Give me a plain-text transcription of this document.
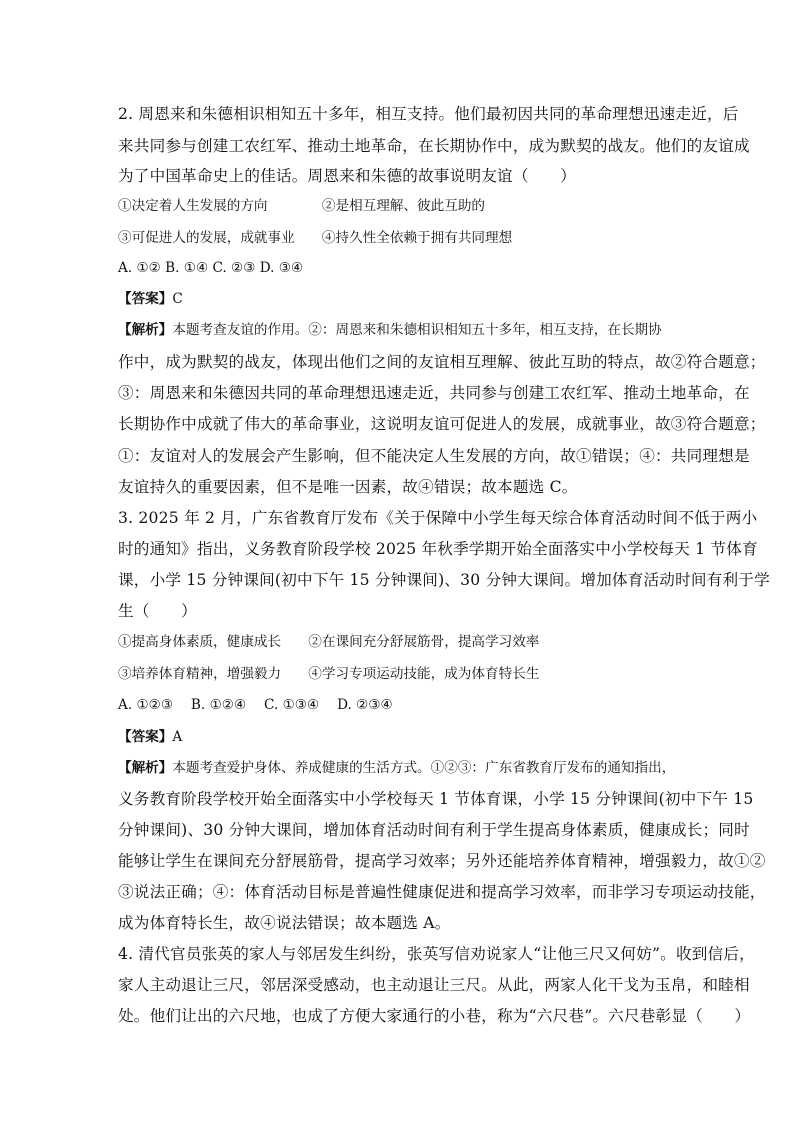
2. 周恩来和朱德相识相知五十多年，相互支持。他们最初因共同的革命理想迅速走近，后
来共同参与创建工农红军、推动土地革命，在长期协作中，成为默契的战友。他们的友谊成
为了中国革命史上的佳话。周恩来和朱德的故事说明友谊（　　）
①决定着人生发展的方向　　　　②是相互理解、彼此互助的
③可促进人的发展，成就事业　　④持久性全依赖于拥有共同理想
A. ①② B. ①④ C. ②③ D. ③④
【答案】C
【解析】本题考查友谊的作用。②：周恩来和朱德相识相知五十多年，相互支持，在长期协
作中，成为默契的战友，体现出他们之间的友谊相互理解、彼此互助的特点，故②符合题意；
③：周恩来和朱德因共同的革命理想迅速走近，共同参与创建工农红军、推动土地革命，在
长期协作中成就了伟大的革命事业，这说明友谊可促进人的发展，成就事业，故③符合题意；
①：友谊对人的发展会产生影响，但不能决定人生发展的方向，故①错误；④：共同理想是
友谊持久的重要因素，但不是唯一因素，故④错误；故本题选 C。
3. 2025 年 2 月，广东省教育厅发布《关于保障中小学生每天综合体育活动时间不低于两小
时的通知》指出，义务教育阶段学校 2025 年秋季学期开始全面落实中小学校每天 1 节体育
课，小学 15 分钟课间(初中下午 15 分钟课间)、30 分钟大课间。增加体育活动时间有利于学
生（　　）
①提高身体素质，健康成长　　②在课间充分舒展筋骨，提高学习效率
③培养体育精神，增强毅力　　④学习专项运动技能，成为体育特长生
A. ①②③　 B. ①②④　 C. ①③④　 D. ②③④
【答案】A
【解析】本题考查爱护身体、养成健康的生活方式。①②③：广东省教育厅发布的通知指出，
义务教育阶段学校开始全面落实中小学校每天 1 节体育课，小学 15 分钟课间(初中下午 15
分钟课间)、30 分钟大课间，增加体育活动时间有利于学生提高身体素质，健康成长；同时
能够让学生在课间充分舒展筋骨，提高学习效率；另外还能培养体育精神，增强毅力，故①②
③说法正确；④：体育活动目标是普遍性健康促进和提高学习效率，而非学习专项运动技能，
成为体育特长生，故④说法错误；故本题选 A。
4. 清代官员张英的家人与邻居发生纠纷，张英写信劝说家人“让他三尺又何妨”。收到信后，
家人主动退让三尺，邻居深受感动，也主动退让三尺。从此，两家人化干戈为玉帛，和睦相
处。他们让出的六尺地，也成了方便大家通行的小巷，称为“六尺巷”。六尺巷彰显（　　）
